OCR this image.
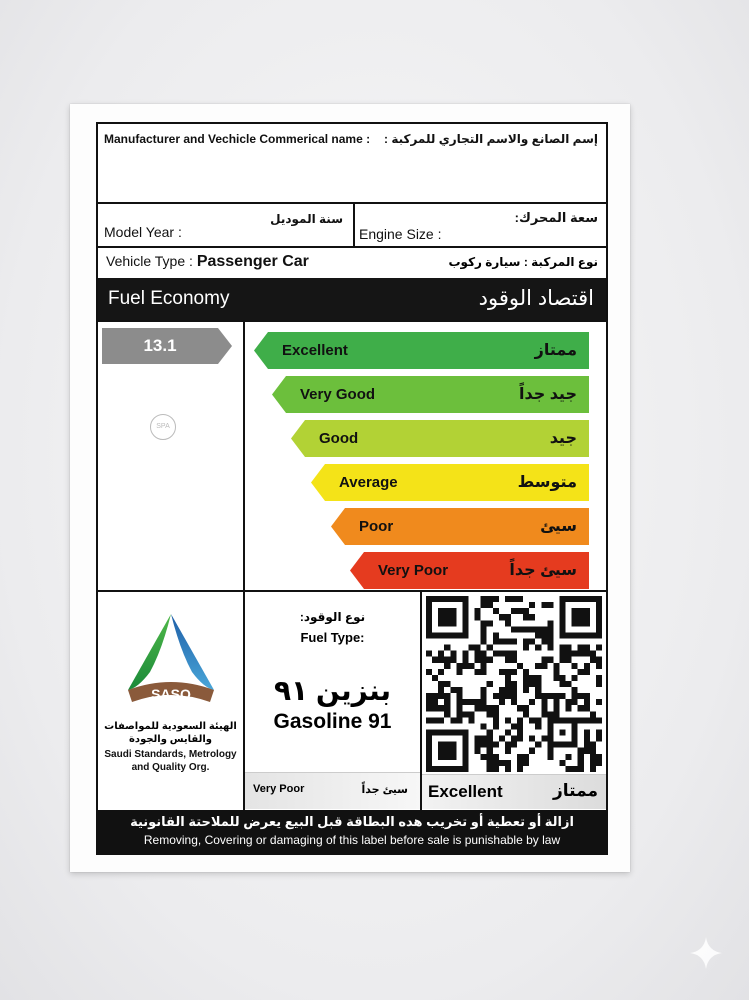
Manufacturer and Vechicle Commerical name : إسم الصانع والاسم التجاري للمركبة :
Model Year :
سنة الموديل
Engine Size :
سعة المحرك:
Vehicle Type : Passenger Car	نوع المركبة : سيارة ركوب
Fuel Economy	اقتصاد الوقود
13.1
SPA
Excellent	ممتاز
Very Good	جيد جداً
Good	جيد
Average	متوسط
Poor	سيئ
Very Poor	سيئ جداً
SASO
الهيئة السعودية للمواصفات والقايس والجودة
Saudi Standards, Metrology and Quality Org.
نوع الوقود:
Fuel Type:
بنزين ٩١
Gasoline 91
Very Poor	سيئ جداً Excellent	ممتاز
ازالة أو تعطية أو تخريب هده البطاقة قبل البيع يعرض للملاحتة القانونية
Removing, Covering or damaging of this label before sale is punishable by law
